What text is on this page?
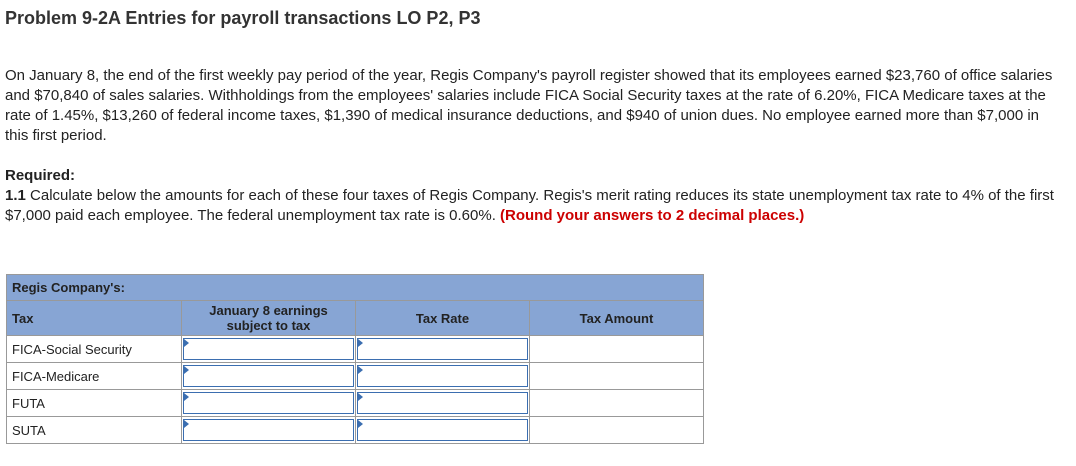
Problem 9-2A Entries for payroll transactions LO P2, P3
On January 8, the end of the first weekly pay period of the year, Regis Company's payroll register showed that its employees earned $23,760 of office salaries and $70,840 of sales salaries. Withholdings from the employees' salaries include FICA Social Security taxes at the rate of 6.20%, FICA Medicare taxes at the rate of 1.45%, $13,260 of federal income taxes, $1,390 of medical insurance deductions, and $940 of union dues. No employee earned more than $7,000 in this first period.
Required:
1.1 Calculate below the amounts for each of these four taxes of Regis Company. Regis's merit rating reduces its state unemployment tax rate to 4% of the first $7,000 paid each employee. The federal unemployment tax rate is 0.60%. (Round your answers to 2 decimal places.)
Regis Company's:			
Tax	January 8 earnings subject to tax	Tax Rate	Tax Amount
FICA-Social Security	

FICA-Medicare	

FUTA	

SUTA	
